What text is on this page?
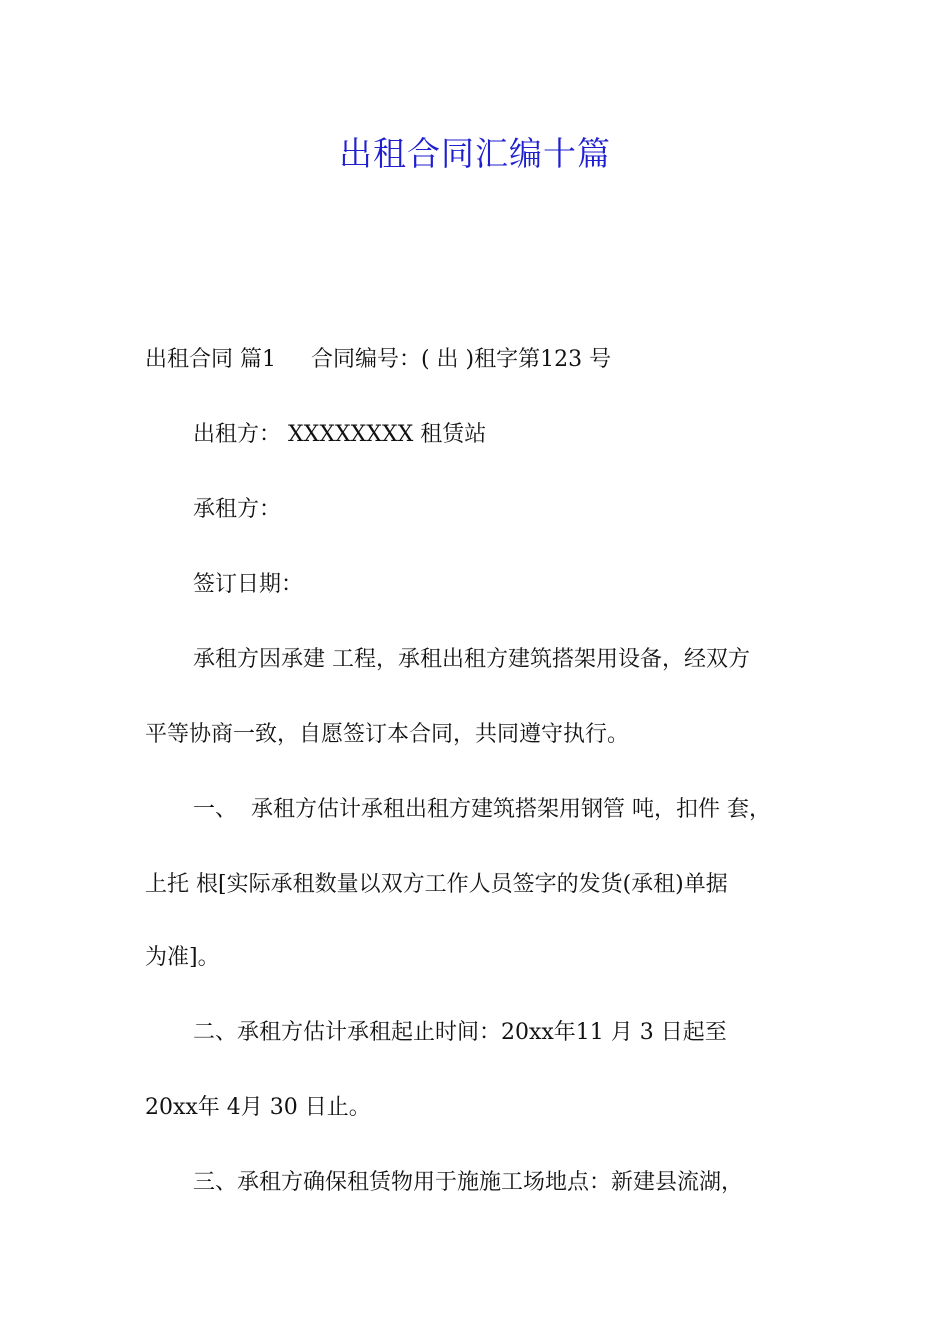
出租合同汇编十篇
出租合同 篇1     合同编号：( 出 )租字第123 号
出租方： XXXXXXXX 租赁站
承租方：
签订日期：
承租方因承建 工程，承租出租方建筑搭架用设备，经双方
平等协商一致，自愿签订本合同，共同遵守执行。
一、  承租方估计承租出租方建筑搭架用钢管 吨，扣件 套，
上托 根[实际承租数量以双方工作人员签字的发货(承租)单据
为准]。
二、承租方估计承租起止时间：20xx年11 月 3 日起至
20xx年 4月 30 日止。
三、承租方确保租赁物用于施施工场地点：新建县流湖，
